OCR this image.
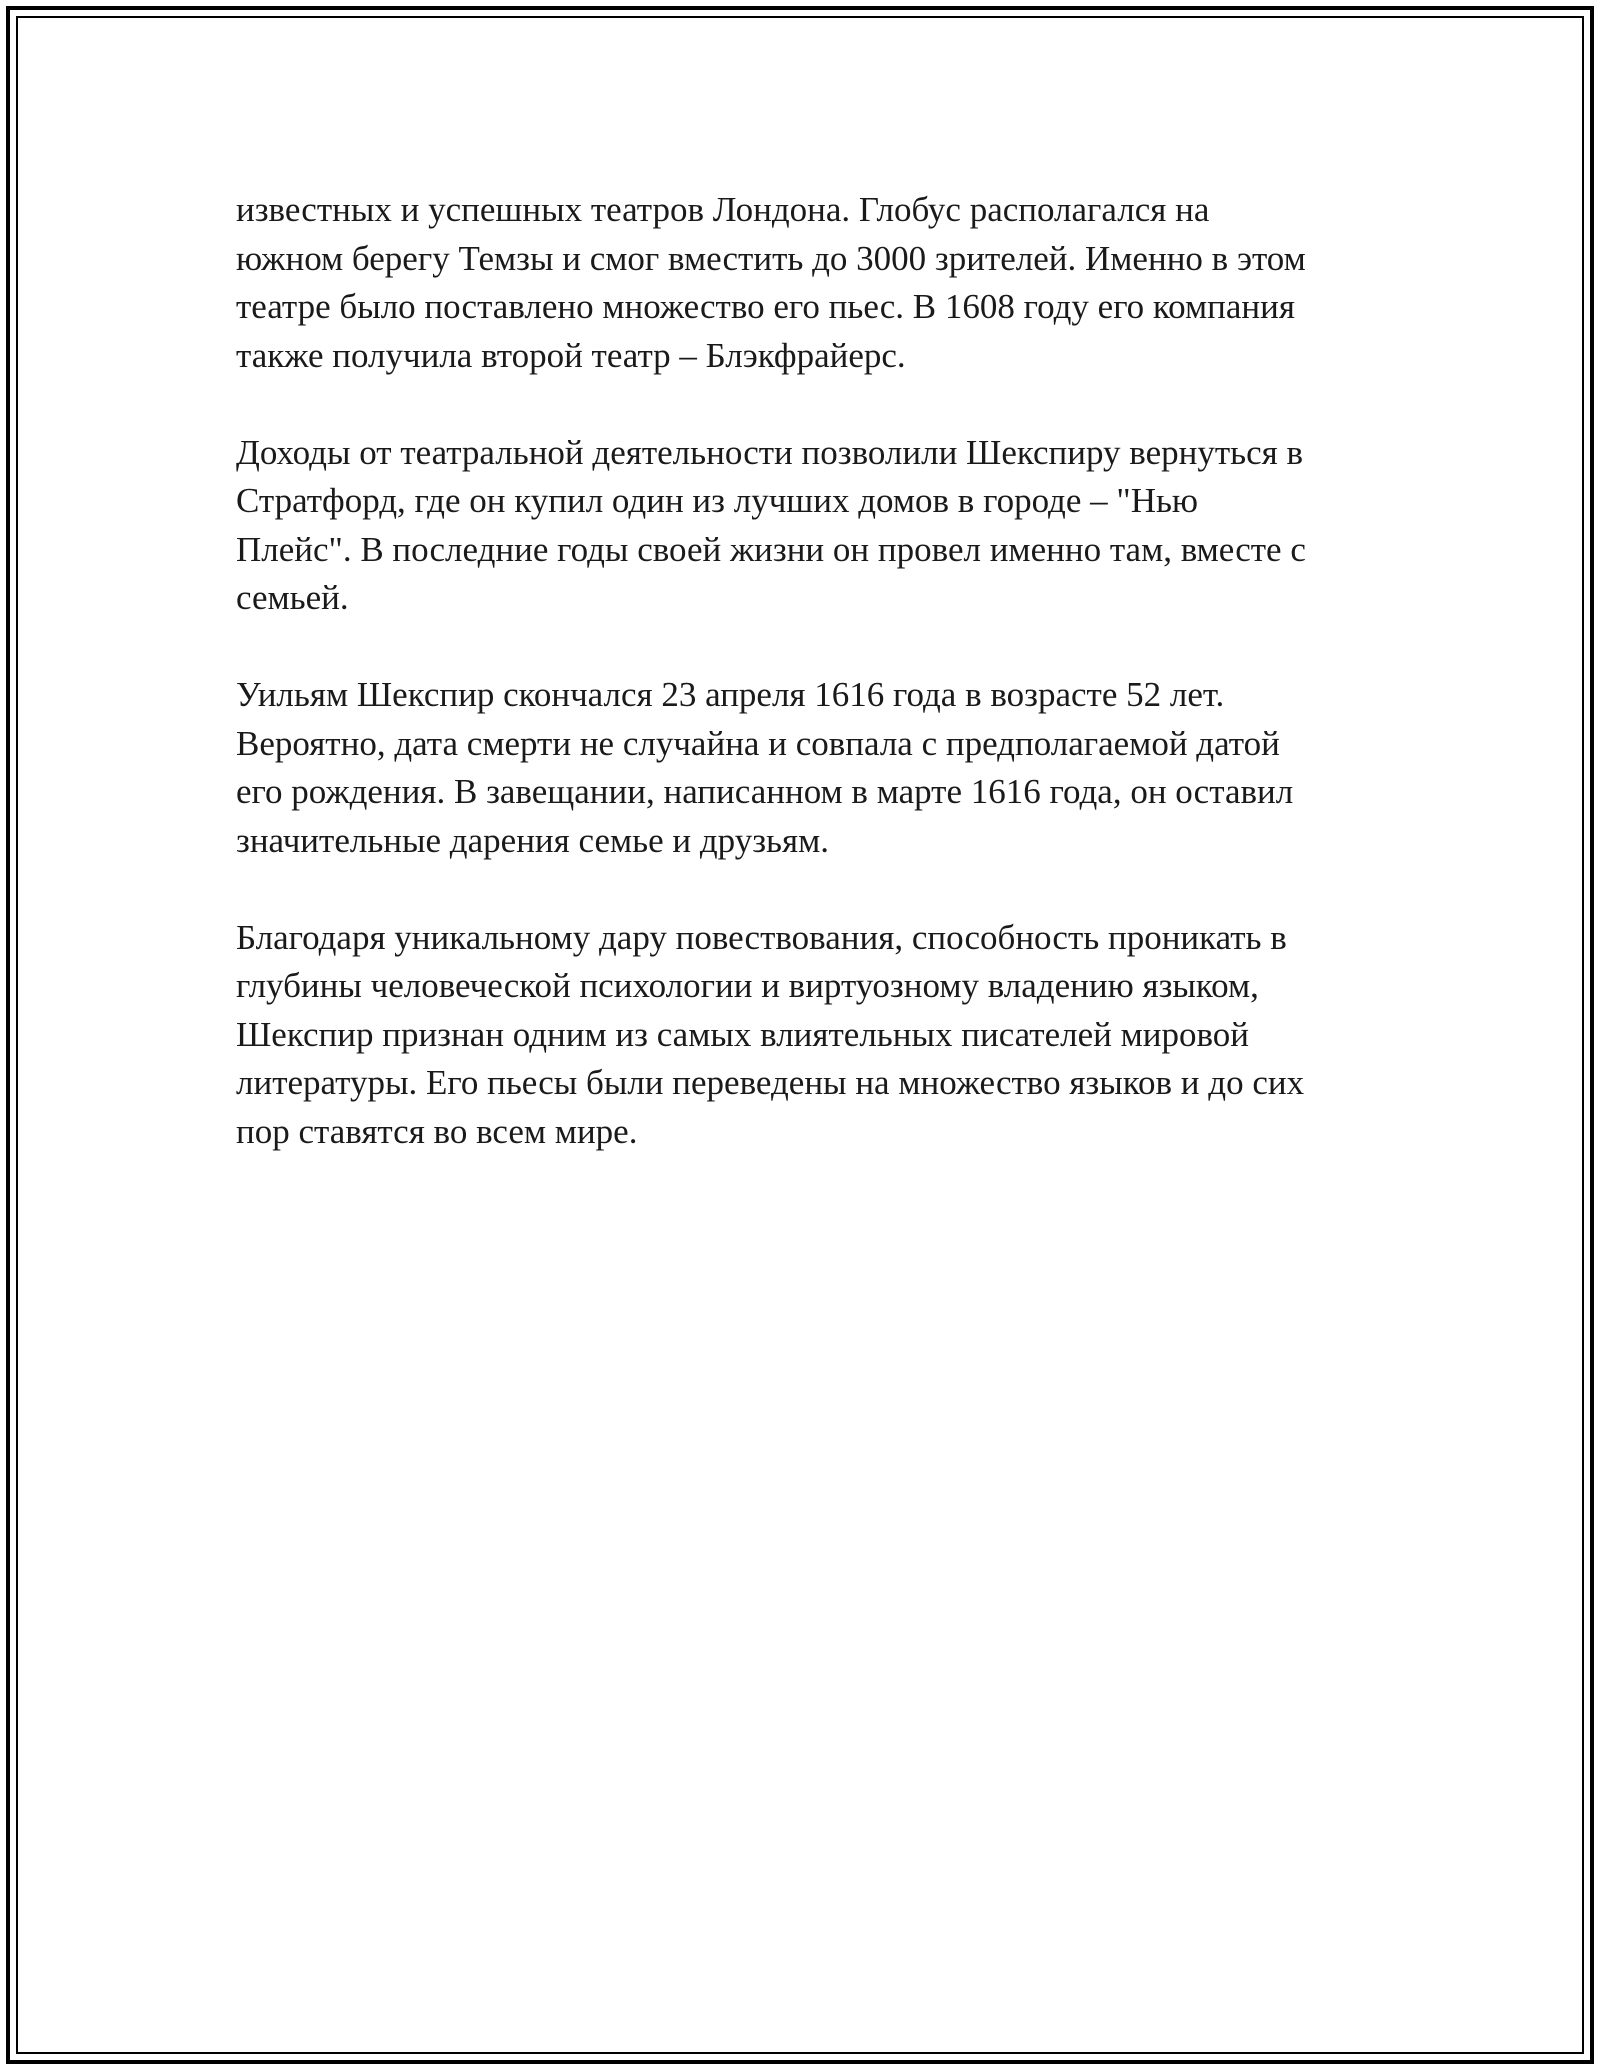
известных и успешных театров Лондона. Глобус располагался на
южном берегу Темзы и смог вместить до 3000 зрителей. Именно в этом
театре было поставлено множество его пьес. В 1608 году его компания
также получила второй театр – Блэкфрайерс.

Доходы от театральной деятельности позволили Шекспиру вернуться в
Стратфорд, где он купил один из лучших домов в городе – "Нью
Плейс". В последние годы своей жизни он провел именно там, вместе с
семьей.

Уильям Шекспир скончался 23 апреля 1616 года в возрасте 52 лет.
Вероятно, дата смерти не случайна и совпала с предполагаемой датой
его рождения. В завещании, написанном в марте 1616 года, он оставил
значительные дарения семье и друзьям.

Благодаря уникальному дару повествования, способность проникать в
глубины человеческой психологии и виртуозному владению языком,
Шекспир признан одним из самых влиятельных писателей мировой
литературы. Его пьесы были переведены на множество языков и до сих
пор ставятся во всем мире.
